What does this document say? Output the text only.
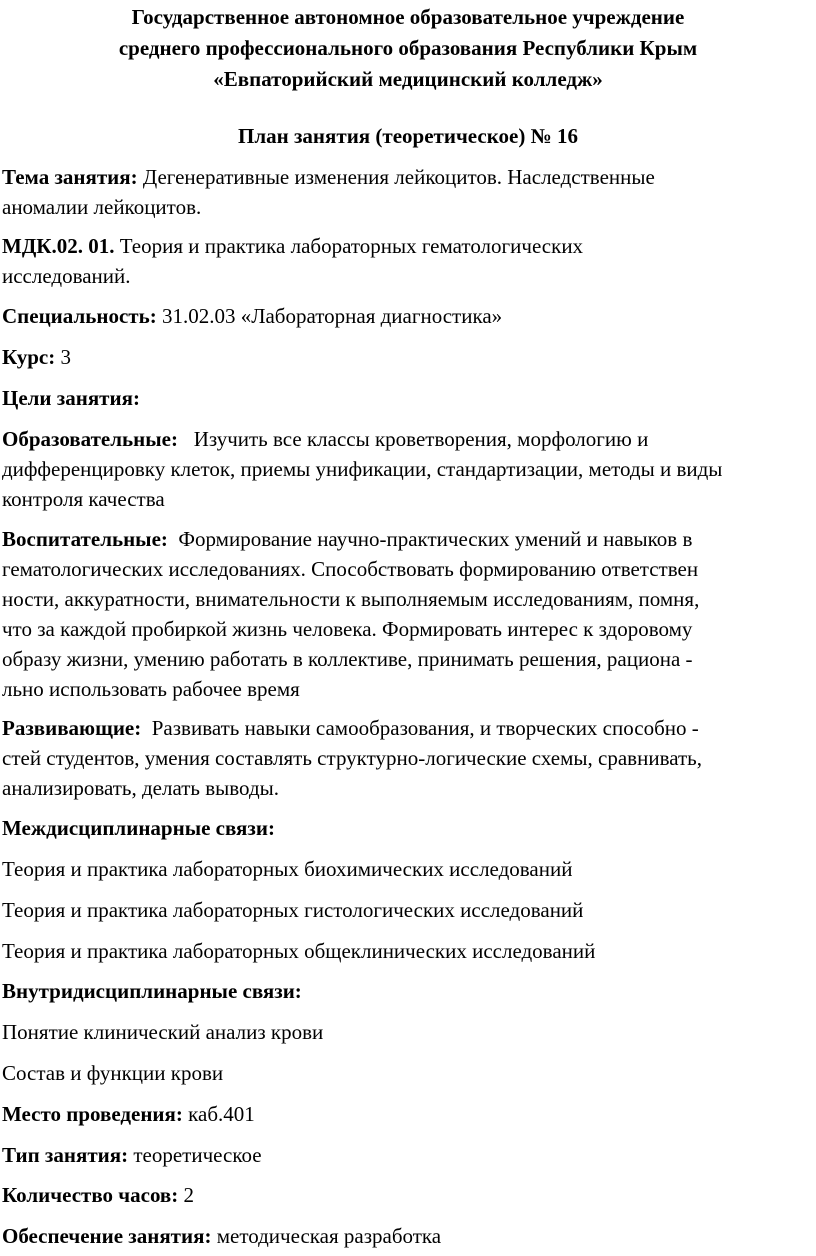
Государственное автономное образовательное учреждение
среднего профессионального образования Республики Крым
«Евпаторийский медицинский колледж»
План занятия (теоретическое) № 16
Тема занятия: Дегенеративные изменения лейкоцитов. Наследственные
аномалии лейкоцитов.
МДК.02. 01. Теория и практика лабораторных гематологических
исследований.
Специальность: 31.02.03 «Лабораторная диагностика»
Курс: 3
Цели занятия:
Образовательные:   Изучить все классы кроветворения, морфологию и
дифференцировку клеток, приемы унификации, стандартизации, методы и виды
контроля качества
Воспитательные:  Формирование научно-практических умений и навыков в
гематологических исследованиях. Способствовать формированию ответствен
ности, аккуратности, внимательности к выполняемым исследованиям, помня,
что за каждой пробиркой жизнь человека. Формировать интерес к здоровому
образу жизни, умению работать в коллективе, принимать решения, рациона -
льно использовать рабочее время
Развивающие:  Развивать навыки самообразования, и творческих способно -
стей студентов, умения составлять структурно-логические схемы, сравнивать,
анализировать, делать выводы.
Междисциплинарные связи:
Теория и практика лабораторных биохимических исследований
Теория и практика лабораторных гистологических исследований
Теория и практика лабораторных общеклинических исследований
Внутридисциплинарные связи:
Понятие клинический анализ крови
Состав и функции крови
Место проведения: каб.401
Тип занятия: теоретическое
Количество часов: 2
Обеспечение занятия: методическая разработка
